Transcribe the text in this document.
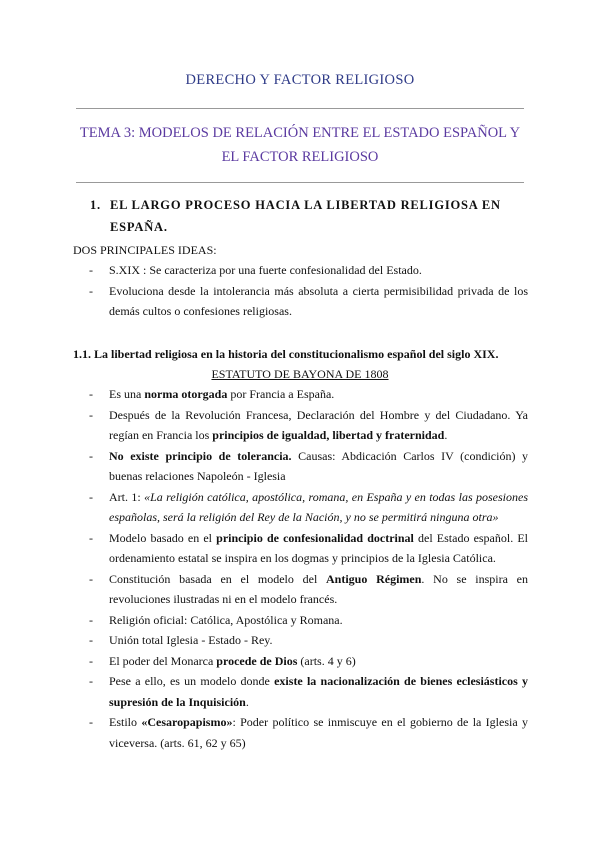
DERECHO Y FACTOR RELIGIOSO
TEMA 3: MODELOS DE RELACIÓN ENTRE EL ESTADO ESPAÑOL Y
EL FACTOR RELIGIOSO
1. EL LARGO PROCESO HACIA LA LIBERTAD RELIGIOSA EN
ESPAÑA.
DOS PRINCIPALES IDEAS:
- S.XIX : Se caracteriza por una fuerte confesionalidad del Estado.
- Evoluciona desde la intolerancia más absoluta a cierta permisibilidad privada de los demás cultos o confesiones religiosas.
1.1. La libertad religiosa en la historia del constitucionalismo español del siglo XIX.
ESTATUTO DE BAYONA DE 1808
- Es una norma otorgada por Francia a España.
- Después de la Revolución Francesa, Declaración del Hombre y del Ciudadano. Ya regían en Francia los principios de igualdad, libertad y fraternidad.
- No existe principio de tolerancia. Causas: Abdicación Carlos IV (condición) y buenas relaciones Napoleón - Iglesia
- Art. 1: «La religión católica, apostólica, romana, en España y en todas las posesiones españolas, será la religión del Rey de la Nación, y no se permitirá ninguna otra»
- Modelo basado en el principio de confesionalidad doctrinal del Estado español. El ordenamiento estatal se inspira en los dogmas y principios de la Iglesia Católica.
- Constitución basada en el modelo del Antiguo Régimen. No se inspira en revoluciones ilustradas ni en el modelo francés.
- Religión oficial: Católica, Apostólica y Romana.
- Unión total Iglesia - Estado - Rey.
- El poder del Monarca procede de Dios (arts. 4 y 6)
- Pese a ello, es un modelo donde existe la nacionalización de bienes eclesiásticos y supresión de la Inquisición.
- Estilo «Cesaropapismo»: Poder político se inmiscuye en el gobierno de la Iglesia y viceversa. (arts. 61, 62 y 65)
